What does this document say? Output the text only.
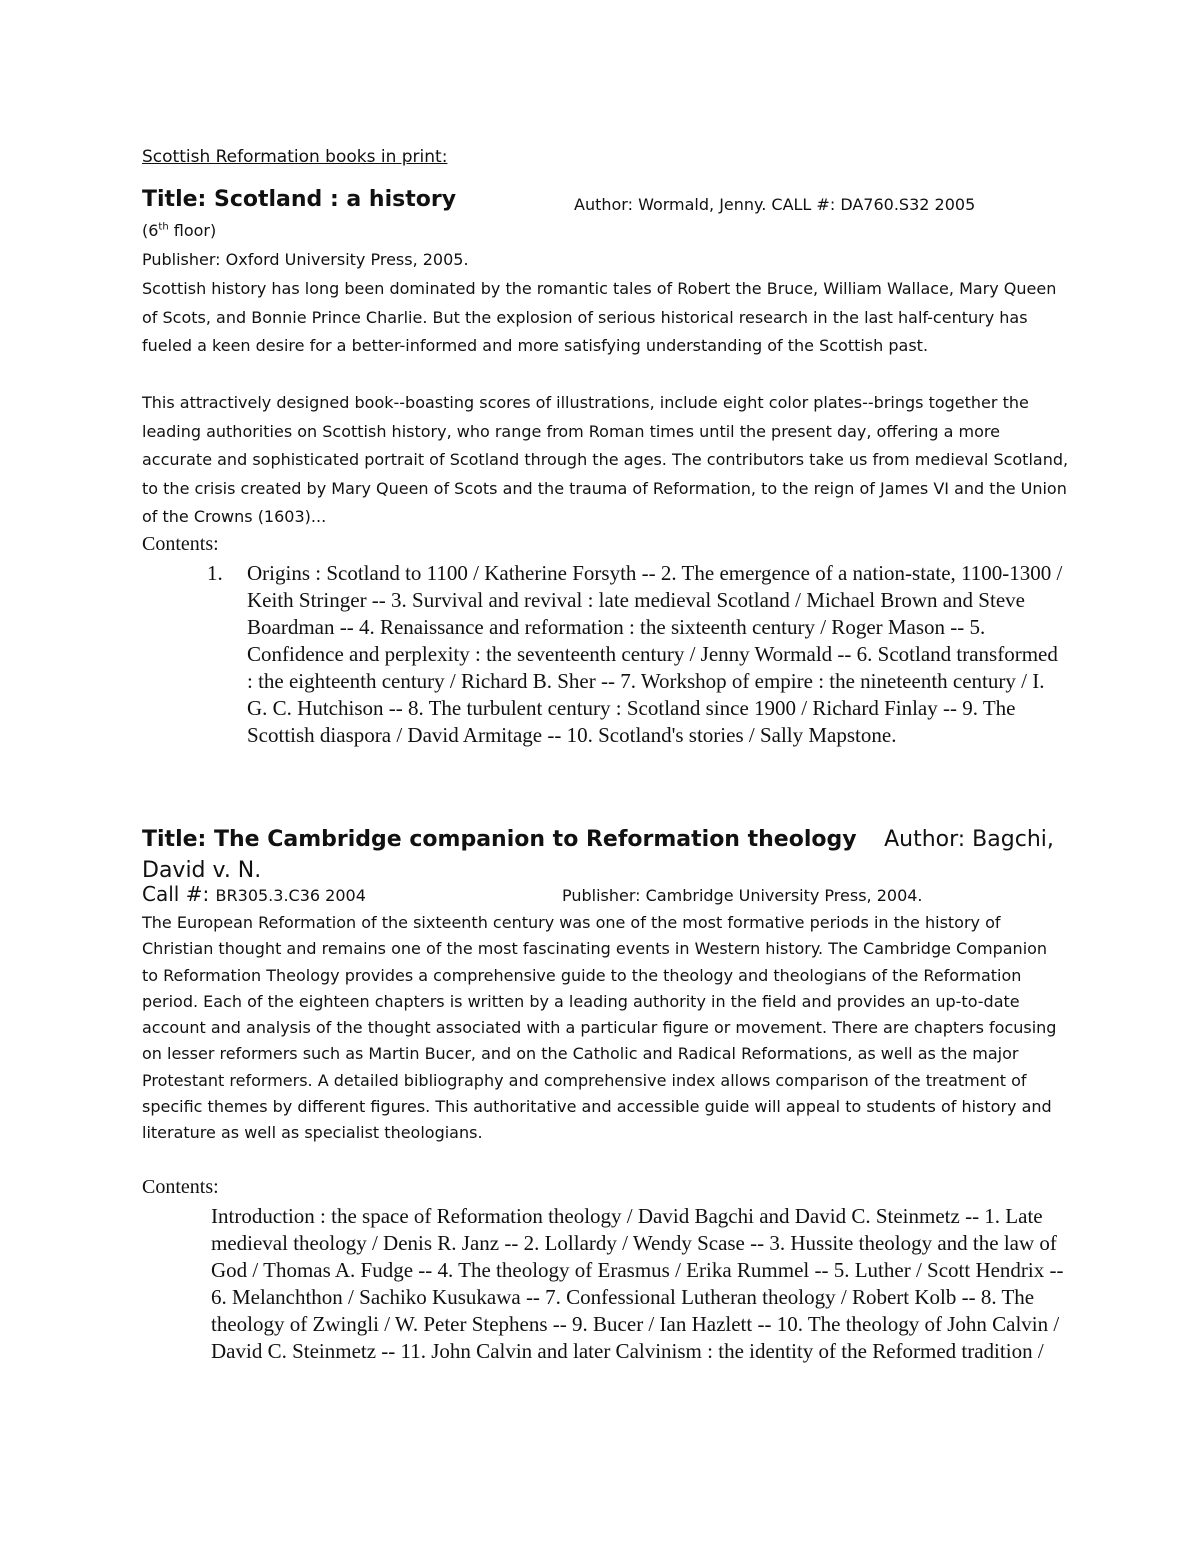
Scottish Reformation books in print:
Title: Scotland : a history	Author: Wormald, Jenny. CALL #: DA760.S32 2005
(6th floor)
Publisher: Oxford University Press, 2005.
Scottish history has long been dominated by the romantic tales of Robert the Bruce, William Wallace, Mary Queen of Scots, and Bonnie Prince Charlie. But the explosion of serious historical research in the last half-century has fueled a keen desire for a better-informed and more satisfying understanding of the Scottish past.
This attractively designed book--boasting scores of illustrations, include eight color plates--brings together the leading authorities on Scottish history, who range from Roman times until the present day, offering a more accurate and sophisticated portrait of Scotland through the ages. The contributors take us from medieval Scotland, to the crisis created by Mary Queen of Scots and the trauma of Reformation, to the reign of James VI and the Union of the Crowns (1603)...
Contents:
1. Origins : Scotland to 1100 / Katherine Forsyth -- 2. The emergence of a nation-state, 1100-1300 / Keith Stringer -- 3. Survival and revival : late medieval Scotland / Michael Brown and Steve Boardman -- 4. Renaissance and reformation : the sixteenth century / Roger Mason -- 5. Confidence and perplexity : the seventeenth century / Jenny Wormald -- 6. Scotland transformed : the eighteenth century / Richard B. Sher -- 7. Workshop of empire : the nineteenth century / I. G. C. Hutchison -- 8. The turbulent century : Scotland since 1900 / Richard Finlay -- 9. The Scottish diaspora / David Armitage -- 10. Scotland's stories / Sally Mapstone.
Title: The Cambridge companion to Reformation theology Author: Bagchi, David v. N.
Call #: BR305.3.C36 2004	Publisher: Cambridge University Press, 2004.
The European Reformation of the sixteenth century was one of the most formative periods in the history of Christian thought and remains one of the most fascinating events in Western history. The Cambridge Companion to Reformation Theology provides a comprehensive guide to the theology and theologians of the Reformation period. Each of the eighteen chapters is written by a leading authority in the field and provides an up-to-date account and analysis of the thought associated with a particular figure or movement. There are chapters focusing on lesser reformers such as Martin Bucer, and on the Catholic and Radical Reformations, as well as the major Protestant reformers. A detailed bibliography and comprehensive index allows comparison of the treatment of specific themes by different figures. This authoritative and accessible guide will appeal to students of history and literature as well as specialist theologians.
Contents:
Introduction : the space of Reformation theology / David Bagchi and David C. Steinmetz -- 1. Late medieval theology / Denis R. Janz -- 2. Lollardy / Wendy Scase -- 3. Hussite theology and the law of God / Thomas A. Fudge -- 4. The theology of Erasmus / Erika Rummel -- 5. Luther / Scott Hendrix -- 6. Melanchthon / Sachiko Kusukawa -- 7. Confessional Lutheran theology / Robert Kolb -- 8. The theology of Zwingli / W. Peter Stephens -- 9. Bucer / Ian Hazlett -- 10. The theology of John Calvin / David C. Steinmetz -- 11. John Calvin and later Calvinism : the identity of the Reformed tradition /
